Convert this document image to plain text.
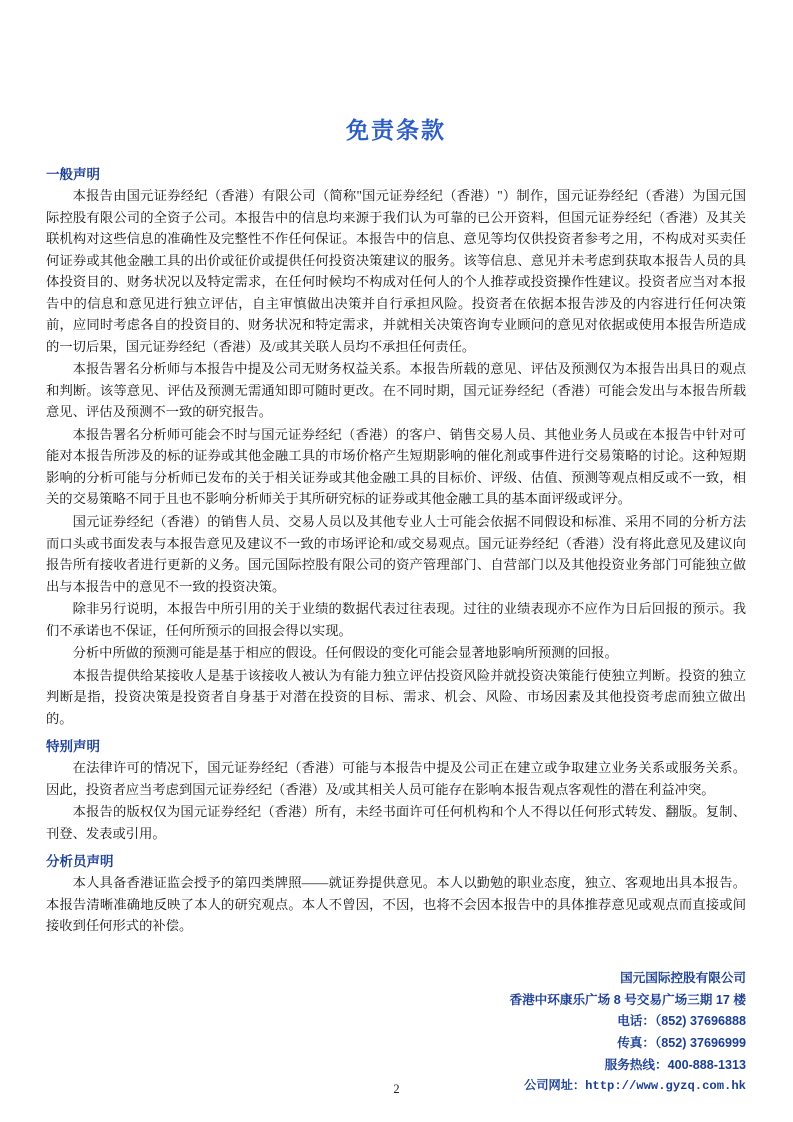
免责条款
一般声明

本报告由国元证券经纪（香港）有限公司（简称"国元证券经纪（香港）"）制作，国元证券经纪（香港）为国元国际控股有限公司的全资子公司。本报告中的信息均来源于我们认为可靠的已公开资料，但国元证券经纪（香港）及其关联机构对这些信息的准确性及完整性不作任何保证。本报告中的信息、意见等均仅供投资者参考之用，不构成对买卖任何证券或其他金融工具的出价或征价或提供任何投资决策建议的服务。该等信息、意见并未考虑到获取本报告人员的具体投资目的、财务状况以及特定需求，在任何时候均不构成对任何人的个人推荐或投资操作性建议。投资者应当对本报告中的信息和意见进行独立评估，自主审慎做出决策并自行承担风险。投资者在依据本报告涉及的内容进行任何决策前，应同时考虑各自的投资目的、财务状况和特定需求，并就相关决策咨询专业顾问的意见对依据或使用本报告所造成的一切后果，国元证券经纪（香港）及/或其关联人员均不承担任何责任。

本报告署名分析师与本报告中提及公司无财务权益关系。本报告所载的意见、评估及预测仅为本报告出具日的观点和判断。该等意见、评估及预测无需通知即可随时更改。在不同时期，国元证券经纪（香港）可能会发出与本报告所载意见、评估及预测不一致的研究报告。

本报告署名分析师可能会不时与国元证券经纪（香港）的客户、销售交易人员、其他业务人员或在本报告中针对可能对本报告所涉及的标的证券或其他金融工具的市场价格产生短期影响的催化剂或事件进行交易策略的讨论。这种短期影响的分析可能与分析师已发布的关于相关证券或其他金融工具的目标价、评级、估值、预测等观点相反或不一致，相关的交易策略不同于且也不影响分析师关于其所研究标的证券或其他金融工具的基本面评级或评分。

国元证券经纪（香港）的销售人员、交易人员以及其他专业人士可能会依据不同假设和标准、采用不同的分析方法而口头或书面发表与本报告意见及建议不一致的市场评论和/或交易观点。国元证券经纪（香港）没有将此意见及建议向报告所有接收者进行更新的义务。国元国际控股有限公司的资产管理部门、自营部门以及其他投资业务部门可能独立做出与本报告中的意见不一致的投资决策。

除非另行说明，本报告中所引用的关于业绩的数据代表过往表现。过往的业绩表现亦不应作为日后回报的预示。我们不承诺也不保证，任何所预示的回报会得以实现。

分析中所做的预测可能是基于相应的假设。任何假设的变化可能会显著地影响所预测的回报。

本报告提供给某接收人是基于该接收人被认为有能力独立评估投资风险并就投资决策能行使独立判断。投资的独立判断是指，投资决策是投资者自身基于对潜在投资的目标、需求、机会、风险、市场因素及其他投资考虑而独立做出的。

特别声明

在法律许可的情况下，国元证券经纪（香港）可能与本报告中提及公司正在建立或争取建立业务关系或服务关系。因此，投资者应当考虑到国元证券经纪（香港）及/或其相关人员可能存在影响本报告观点客观性的潜在利益冲突。

本报告的版权仅为国元证券经纪（香港）所有，未经书面许可任何机构和个人不得以任何形式转发、翻版。复制、刊登、发表或引用。

分析员声明

本人具备香港证监会授予的第四类牌照——就证券提供意见。本人以勤勉的职业态度，独立、客观地出具本报告。本报告清晰准确地反映了本人的研究观点。本人不曾因，不因，也将不会因本报告中的具体推荐意见或观点而直接或间接收到任何形式的补偿。

国元国际控股有限公司
香港中环康乐广场 8 号交易广场三期 17 楼
电话：（852) 37696888
传真：（852) 37696999
服务热线：400-888-1313
公司网址：http://www.gyzq.com.hk
2
